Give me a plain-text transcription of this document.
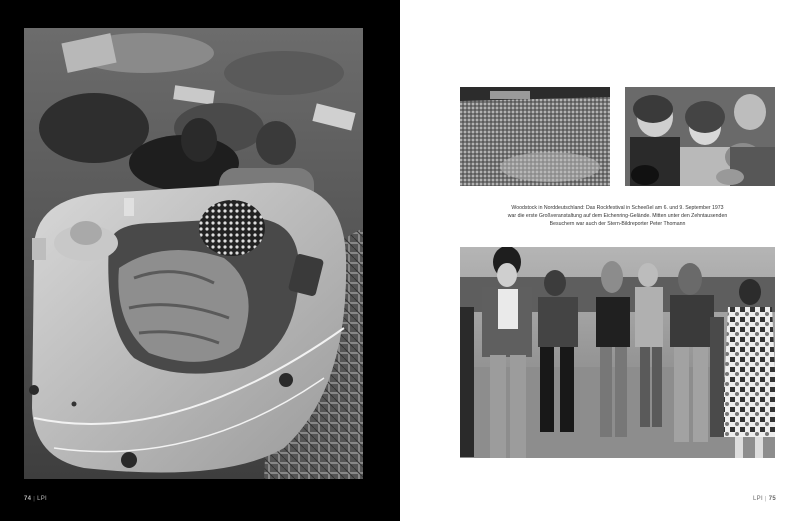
74 | LPI
Woodstock in Norddeutschland: Das Rockfestival in Scheeßel am 6. und 9. September 1973
war die erste Großveranstaltung auf dem Eichenring-Gelände. Mitten unter den Zehntausenden
Besuchern war auch der Stern-Bildreporter Peter Thomann
LPI | 75
